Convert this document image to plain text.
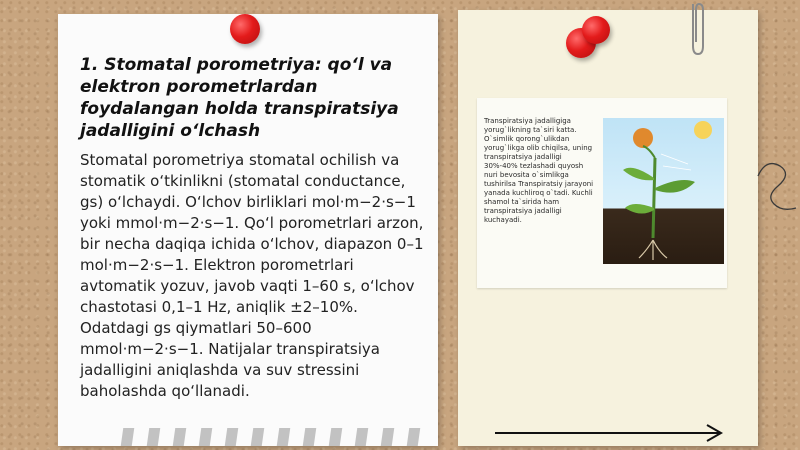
1. Stomatal porometriya: qo‘l va elektron porometrlardan foydalangan holda transpiratsiya jadalligini o‘lchash
Stomatal porometriya stomatal ochilish va stomatik o‘tkinlikni (stomatal conductance, gs) o‘lchaydi. O‘lchov birliklari mol·m−2·s−1 yoki mmol·m−2·s−1. Qo‘l porometrlari arzon, bir necha daqiqa ichida o‘lchov, diapazon 0–1 mol·m−2·s−1. Elektron porometrlari avtomatik yozuv, javob vaqti 1–60 s, o‘lchov chastotasi 0,1–1 Hz, aniqlik ±2–10%. Odatdagi gs qiymatlari 50–600 mmol·m−2·s−1. Natijalar transpiratsiya jadalligini aniqlashda va suv stressini baholashda qo‘llanadi.
Transpiratsiya jadalligiga yorug`likning ta`siri katta. O`simlik qorong`ulikdan yorug`likga olib chiqilsa, uning transpiratsiya jadalligi 30%-40% tezlashadi quyosh nuri bevosita o`simlikga tushirilsa Transpiratsiy jarayoni yanada kuchliroq o`tadi. Kuchli shamol ta`sirida ham transpiratsiya jadalligi kuchayadi.
